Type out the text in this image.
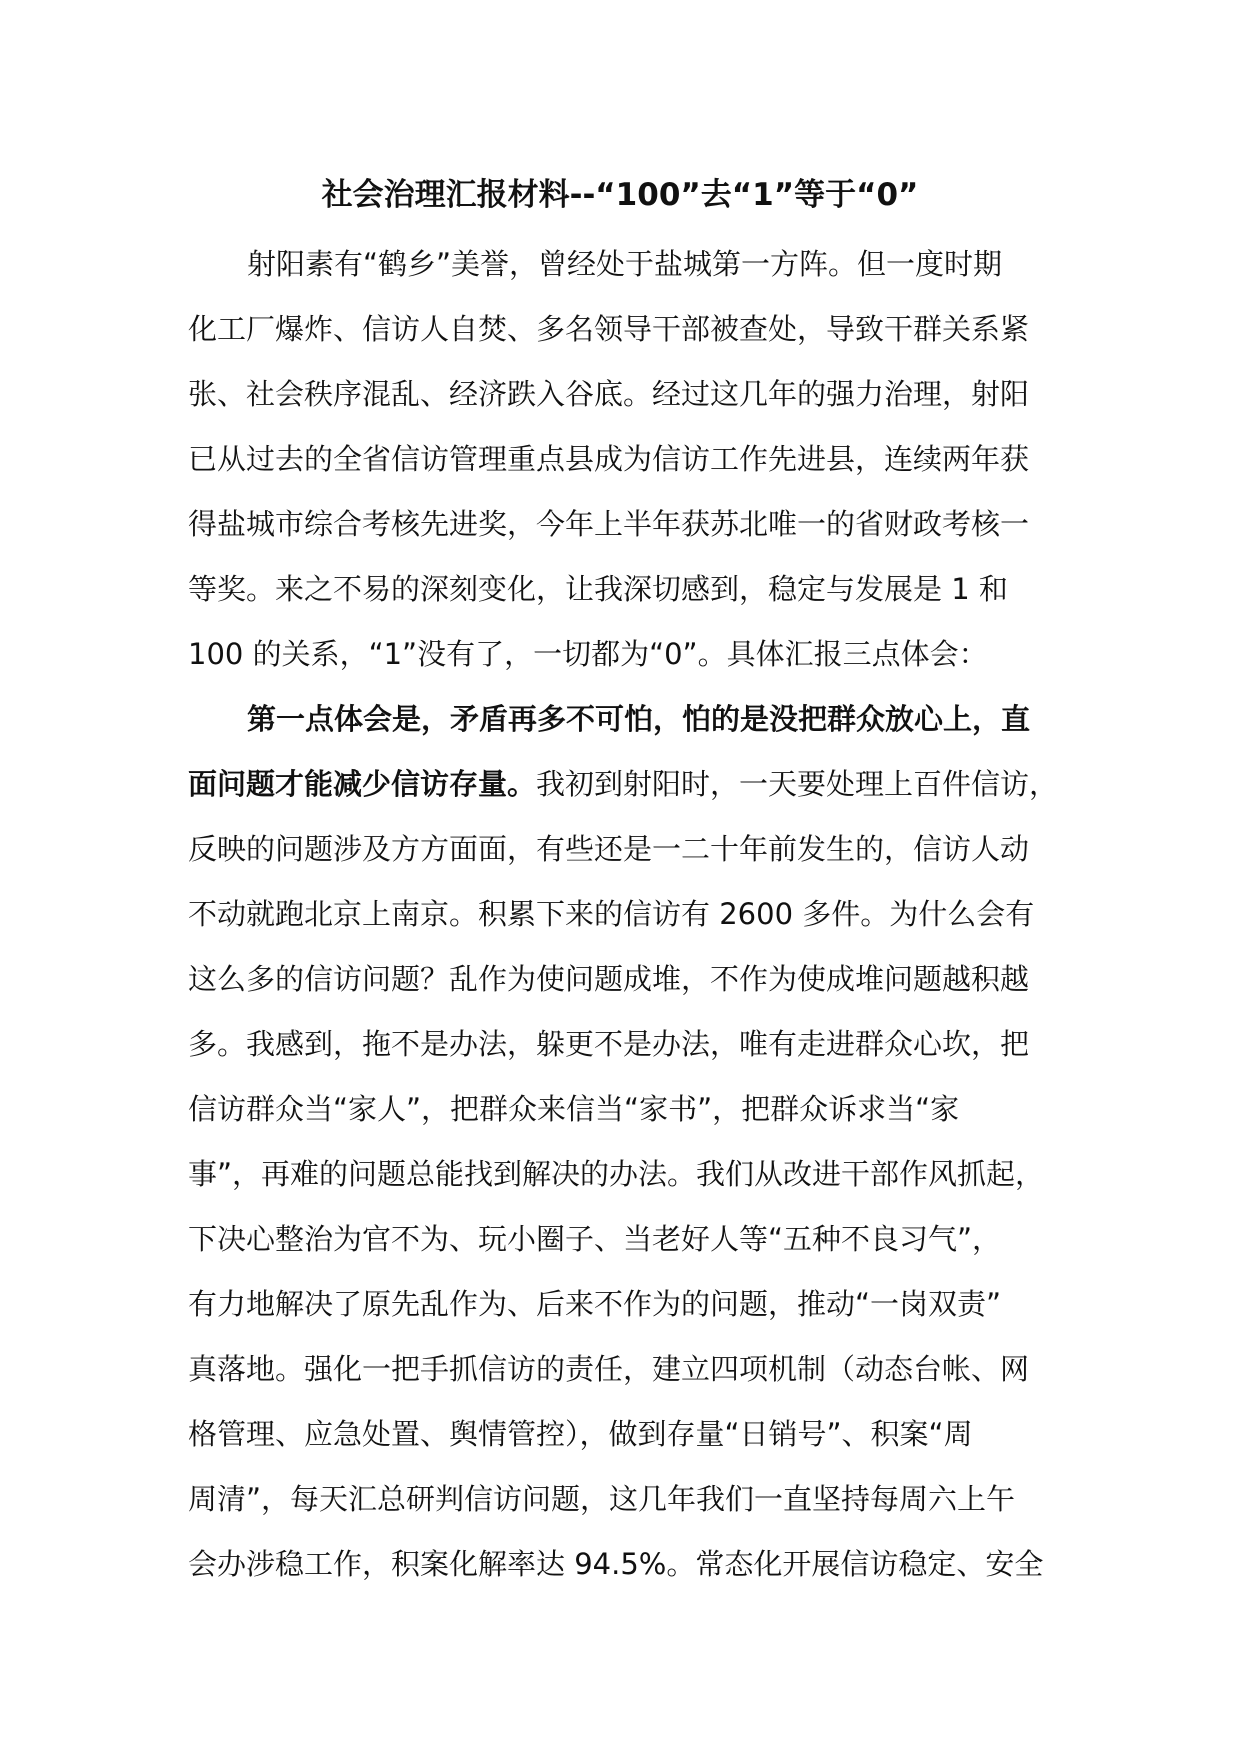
社会治理汇报材料--“100”去“1”等于“0”
射阳素有“鹤乡”美誉，曾经处于盐城第一方阵。但一度时期
化工厂爆炸、信访人自焚、多名领导干部被查处，导致干群关系紧
张、社会秩序混乱、经济跌入谷底。经过这几年的强力治理，射阳
已从过去的全省信访管理重点县成为信访工作先进县，连续两年获
得盐城市综合考核先进奖，今年上半年获苏北唯一的省财政考核一
等奖。来之不易的深刻变化，让我深切感到，稳定与发展是 1 和
100 的关系，“1”没有了，一切都为“0”。具体汇报三点体会：
第一点体会是，矛盾再多不可怕，怕的是没把群众放心上，直
面问题才能减少信访存量。我初到射阳时，一天要处理上百件信访，
反映的问题涉及方方面面，有些还是一二十年前发生的，信访人动
不动就跑北京上南京。积累下来的信访有 2600 多件。为什么会有
这么多的信访问题？乱作为使问题成堆，不作为使成堆问题越积越
多。我感到，拖不是办法，躲更不是办法，唯有走进群众心坎，把
信访群众当“家人”，把群众来信当“家书”，把群众诉求当“家
事”，再难的问题总能找到解决的办法。我们从改进干部作风抓起，
下决心整治为官不为、玩小圈子、当老好人等“五种不良习气”，
有力地解决了原先乱作为、后来不作为的问题，推动“一岗双责”
真落地。强化一把手抓信访的责任，建立四项机制（动态台帐、网
格管理、应急处置、舆情管控），做到存量“日销号”、积案“周
周清”，每天汇总研判信访问题，这几年我们一直坚持每周六上午
会办涉稳工作，积案化解率达 94.5%。常态化开展信访稳定、安全
